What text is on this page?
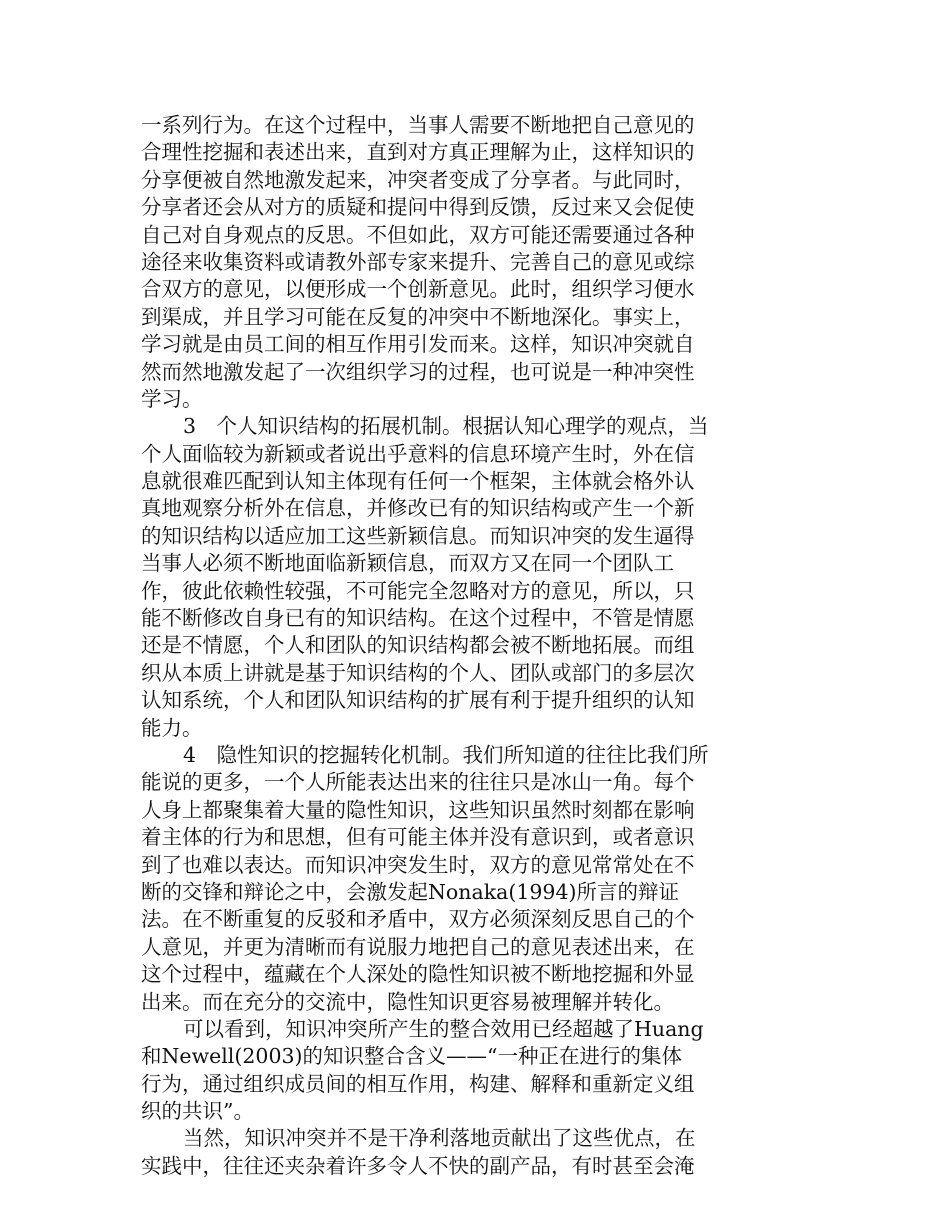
一系列行为。在这个过程中，当事人需要不断地把自己意见的
合理性挖掘和表述出来，直到对方真正理解为止，这样知识的
分享便被自然地激发起来，冲突者变成了分享者。与此同时，
分享者还会从对方的质疑和提问中得到反馈，反过来又会促使
自己对自身观点的反思。不但如此，双方可能还需要通过各种
途径来收集资料或请教外部专家来提升、完善自己的意见或综
合双方的意见，以便形成一个创新意见。此时，组织学习便水
到渠成，并且学习可能在反复的冲突中不断地深化。事实上，
学习就是由员工间的相互作用引发而来。这样，知识冲突就自
然而然地激发起了一次组织学习的过程，也可说是一种冲突性
学习。
3　个人知识结构的拓展机制。根据认知心理学的观点，当
个人面临较为新颖或者说出乎意料的信息环境产生时，外在信
息就很难匹配到认知主体现有任何一个框架，主体就会格外认
真地观察分析外在信息，并修改已有的知识结构或产生一个新
的知识结构以适应加工这些新颖信息。而知识冲突的发生逼得
当事人必须不断地面临新颖信息，而双方又在同一个团队工
作，彼此依赖性较强，不可能完全忽略对方的意见，所以，只
能不断修改自身已有的知识结构。在这个过程中，不管是情愿
还是不情愿，个人和团队的知识结构都会被不断地拓展。而组
织从本质上讲就是基于知识结构的个人、团队或部门的多层次
认知系统，个人和团队知识结构的扩展有利于提升组织的认知
能力。
4　隐性知识的挖掘转化机制。我们所知道的往往比我们所
能说的更多，一个人所能表达出来的往往只是冰山一角。每个
人身上都聚集着大量的隐性知识，这些知识虽然时刻都在影响
着主体的行为和思想，但有可能主体并没有意识到，或者意识
到了也难以表达。而知识冲突发生时，双方的意见常常处在不
断的交锋和辩论之中，会激发起Nonaka(1994)所言的辩证
法。在不断重复的反驳和矛盾中，双方必须深刻反思自己的个
人意见，并更为清晰而有说服力地把自己的意见表述出来，在
这个过程中，蕴藏在个人深处的隐性知识被不断地挖掘和外显
出来。而在充分的交流中，隐性知识更容易被理解并转化。
可以看到，知识冲突所产生的整合效用已经超越了Huang
和Newell(2003)的知识整合含义——“一种正在进行的集体
行为，通过组织成员间的相互作用，构建、解释和重新定义组
织的共识”。
当然，知识冲突并不是干净利落地贡献出了这些优点，在
实践中，往往还夹杂着许多令人不快的副产品，有时甚至会淹
